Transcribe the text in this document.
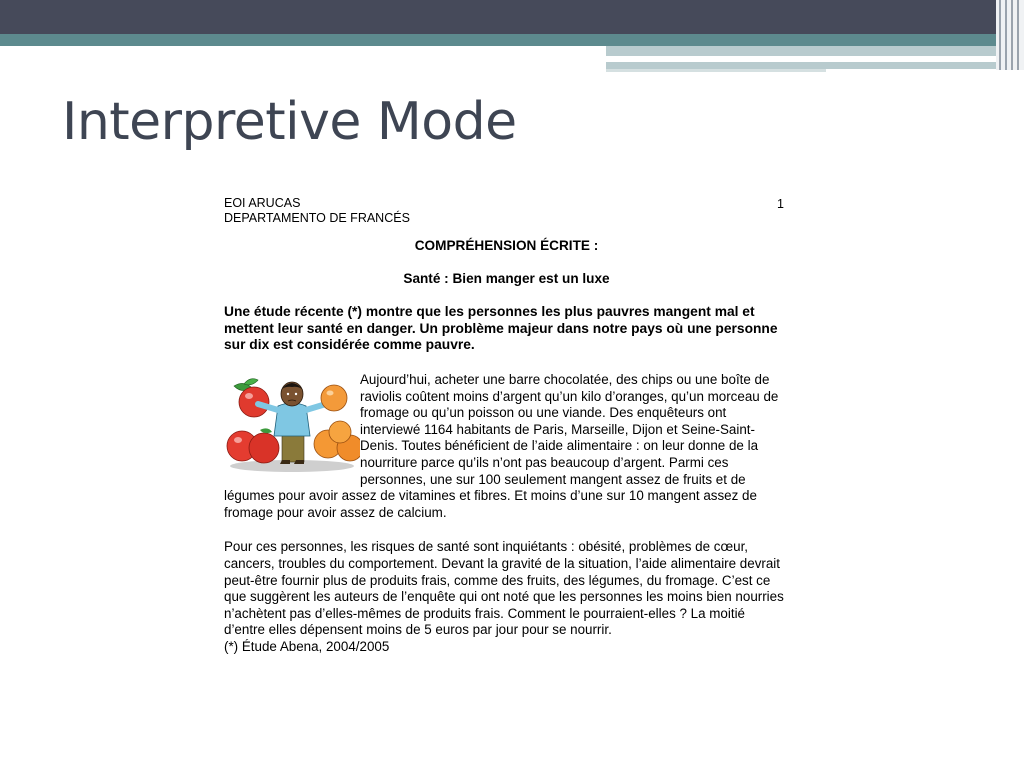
Interpretive Mode
EOI ARUCAS
DEPARTAMENTO DE FRANCÉS
1
COMPRÉHENSION ÉCRITE :
Santé : Bien manger est un luxe
Une étude récente (*) montre que les personnes les plus pauvres mangent mal et mettent leur santé en danger. Un problème majeur dans notre pays où une personne sur dix est considérée comme pauvre.

Aujourd’hui, acheter une barre chocolatée, des chips ou une boîte de raviolis coûtent moins d’argent qu’un kilo d’oranges, qu’un morceau de fromage ou qu’un poisson ou une viande. Des enquêteurs ont interviewé 1164 habitants de Paris, Marseille, Dijon et Seine-Saint-Denis. Toutes bénéficient de l’aide alimentaire : on leur donne de la nourriture parce qu’ils n’ont pas beaucoup d’argent. Parmi ces personnes, une sur 100 seulement mangent assez de fruits et de légumes pour avoir assez de vitamines et fibres. Et moins d’une sur 10 mangent assez de fromage pour avoir assez de calcium.

Pour ces personnes, les risques de santé sont inquiétants : obésité, problèmes de cœur, cancers, troubles du comportement. Devant la gravité de la situation, l’aide alimentaire devrait peut-être fournir plus de produits frais, comme des fruits, des légumes, du fromage. C’est ce que suggèrent les auteurs de l’enquête qui ont noté que les personnes les moins bien nourries n’achètent pas d’elles-mêmes de produits frais. Comment le pourraient-elles ? La moitié d’entre elles dépensent moins de 5 euros par jour pour se nourrir.

(*) Étude Abena, 2004/2005
